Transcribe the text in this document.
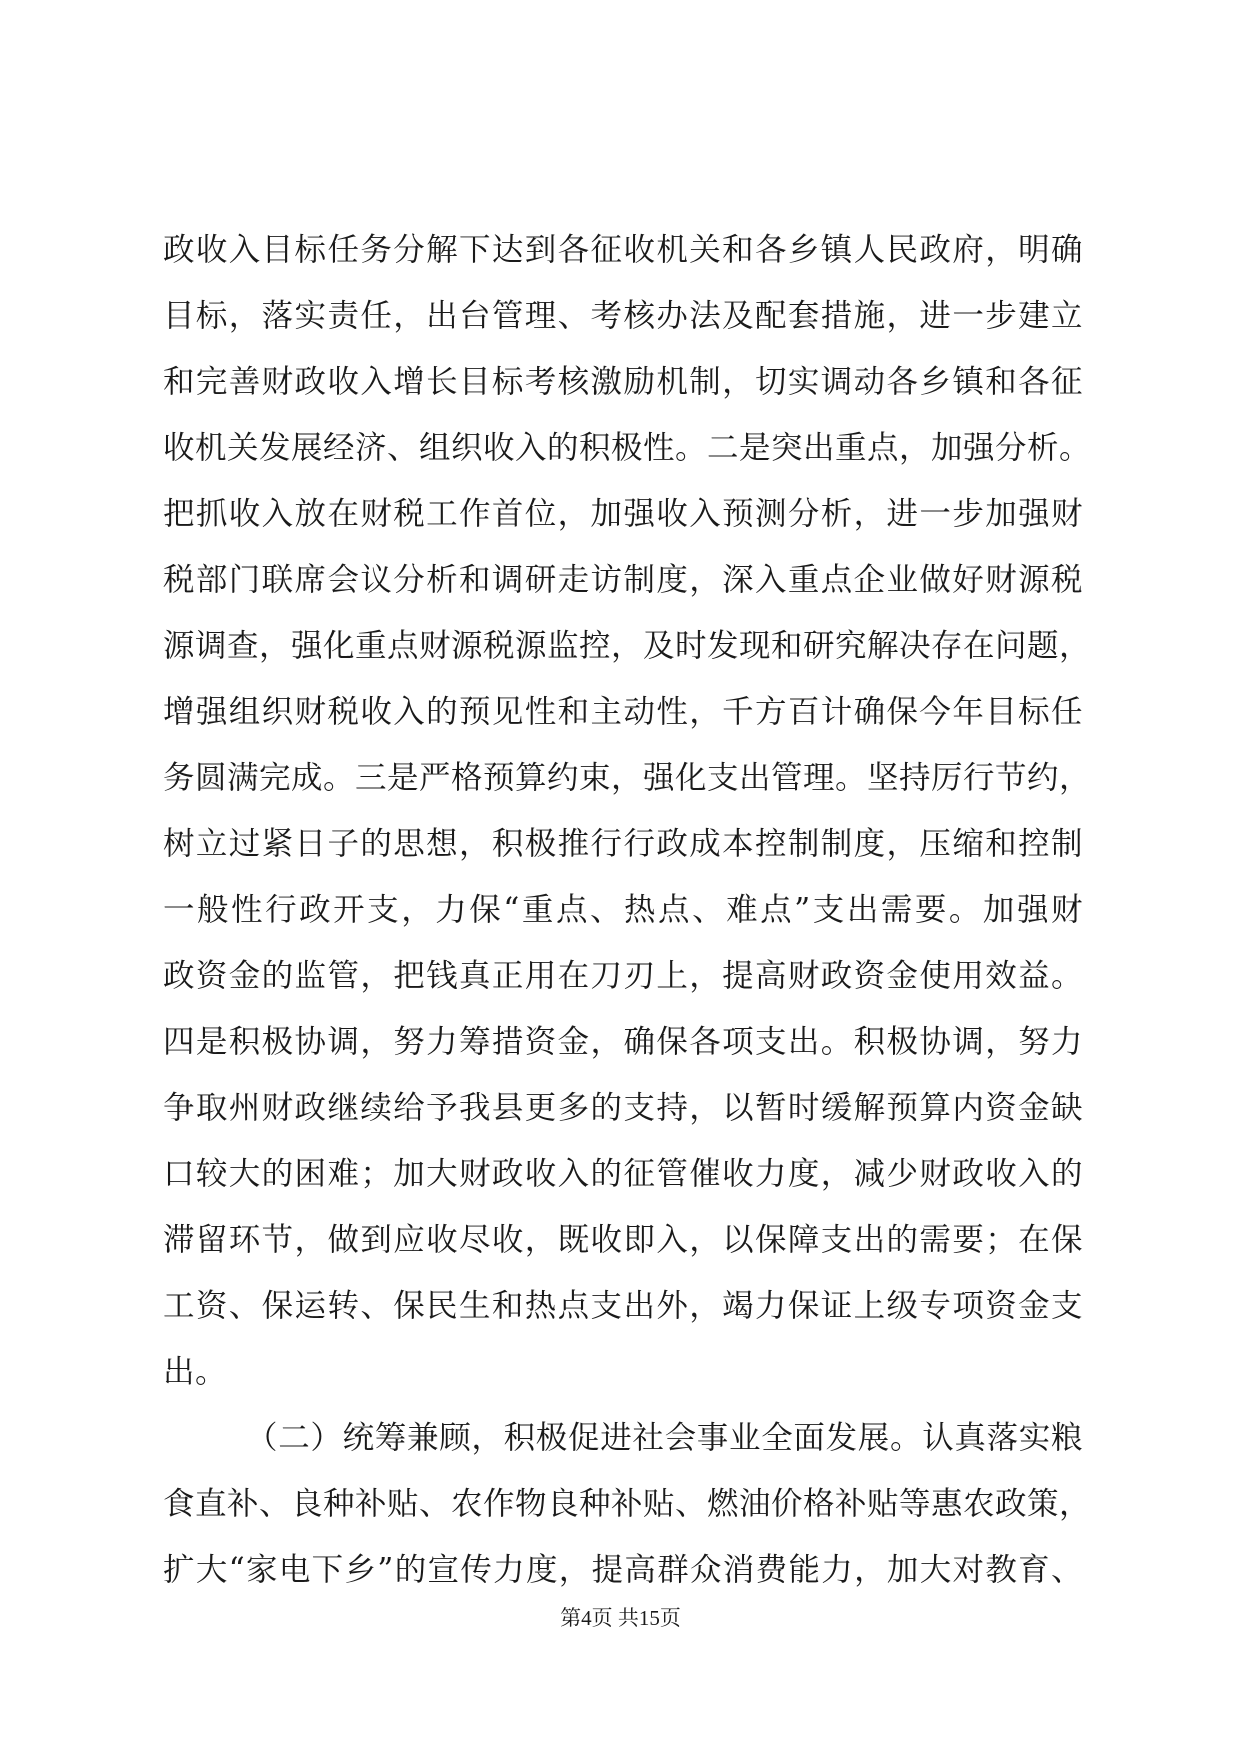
政收入目标任务分解下达到各征收机关和各乡镇人民政府，明确
目标，落实责任，出台管理、考核办法及配套措施，进一步建立
和完善财政收入增长目标考核激励机制，切实调动各乡镇和各征
收机关发展经济、组织收入的积极性。二是突出重点，加强分析。
把抓收入放在财税工作首位，加强收入预测分析，进一步加强财
税部门联席会议分析和调研走访制度，深入重点企业做好财源税
源调查，强化重点财源税源监控，及时发现和研究解决存在问题，
增强组织财税收入的预见性和主动性，千方百计确保今年目标任
务圆满完成。三是严格预算约束，强化支出管理。坚持厉行节约，
树立过紧日子的思想，积极推行行政成本控制制度，压缩和控制
一般性行政开支，力保“重点、热点、难点”支出需要。加强财
政资金的监管，把钱真正用在刀刃上，提高财政资金使用效益。
四是积极协调，努力筹措资金，确保各项支出。积极协调，努力
争取州财政继续给予我县更多的支持，以暂时缓解预算内资金缺
口较大的困难；加大财政收入的征管催收力度，减少财政收入的
滞留环节，做到应收尽收，既收即入，以保障支出的需要；在保
工资、保运转、保民生和热点支出外，竭力保证上级专项资金支
出。
（二）统筹兼顾，积极促进社会事业全面发展。认真落实粮
食直补、良种补贴、农作物良种补贴、燃油价格补贴等惠农政策，
扩大“家电下乡”的宣传力度，提高群众消费能力，加大对教育、
第4页 共15页
